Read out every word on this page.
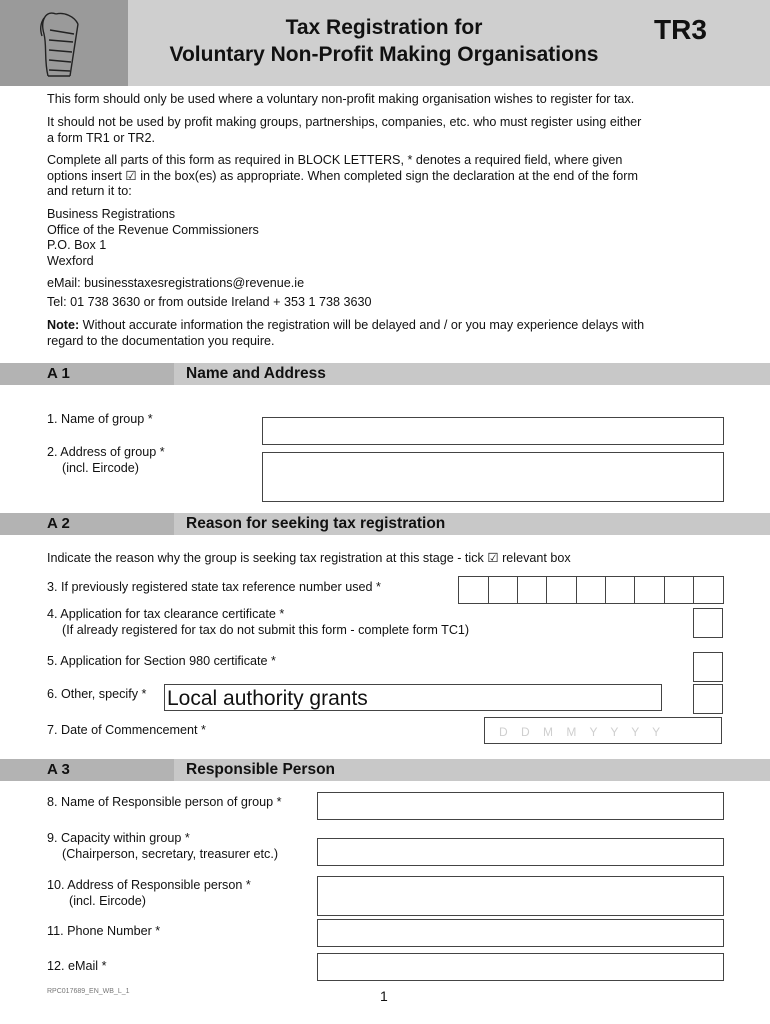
Tax Registration for
Voluntary Non-Profit Making Organisations
TR3
This form should only be used where a voluntary non-profit making organisation wishes to register for tax.
It should not be used by profit making groups, partnerships, companies, etc. who must register using either
a form TR1 or TR2.
Complete all parts of this form as required in BLOCK LETTERS, * denotes a required field, where given
options insert ☑ in the box(es) as appropriate. When completed sign the declaration at the end of the form
and return it to:
Business Registrations
Office of the Revenue Commissioners
P.O. Box 1
Wexford
eMail: businesstaxesregistrations@revenue.ie
Tel: 01 738 3630 or from outside Ireland + 353 1 738 3630
Note: Without accurate information the registration will be delayed and / or you may experience delays with
regard to the documentation you require.
A 1	Name and Address
1. Name of group *
2. Address of group *
(incl. Eircode)
A 2	Reason for seeking tax registration
Indicate the reason why the group is seeking tax registration at this stage - tick ☑ relevant box
3. If previously registered state tax reference number used *
4. Application for tax clearance certificate *
(If already registered for tax do not submit this form - complete form TC1)
5. Application for Section 980 certificate *
6. Other, specify * Local authority grants
7. Date of Commencement *	D D M M Y Y Y Y
A 3	Responsible Person
8. Name of Responsible person of group *
9. Capacity within group *
(Chairperson, secretary, treasurer etc.)
10. Address of Responsible person *
(incl. Eircode)
11. Phone Number *
12. eMail *
RPC017689_EN_WB_L_1	1
